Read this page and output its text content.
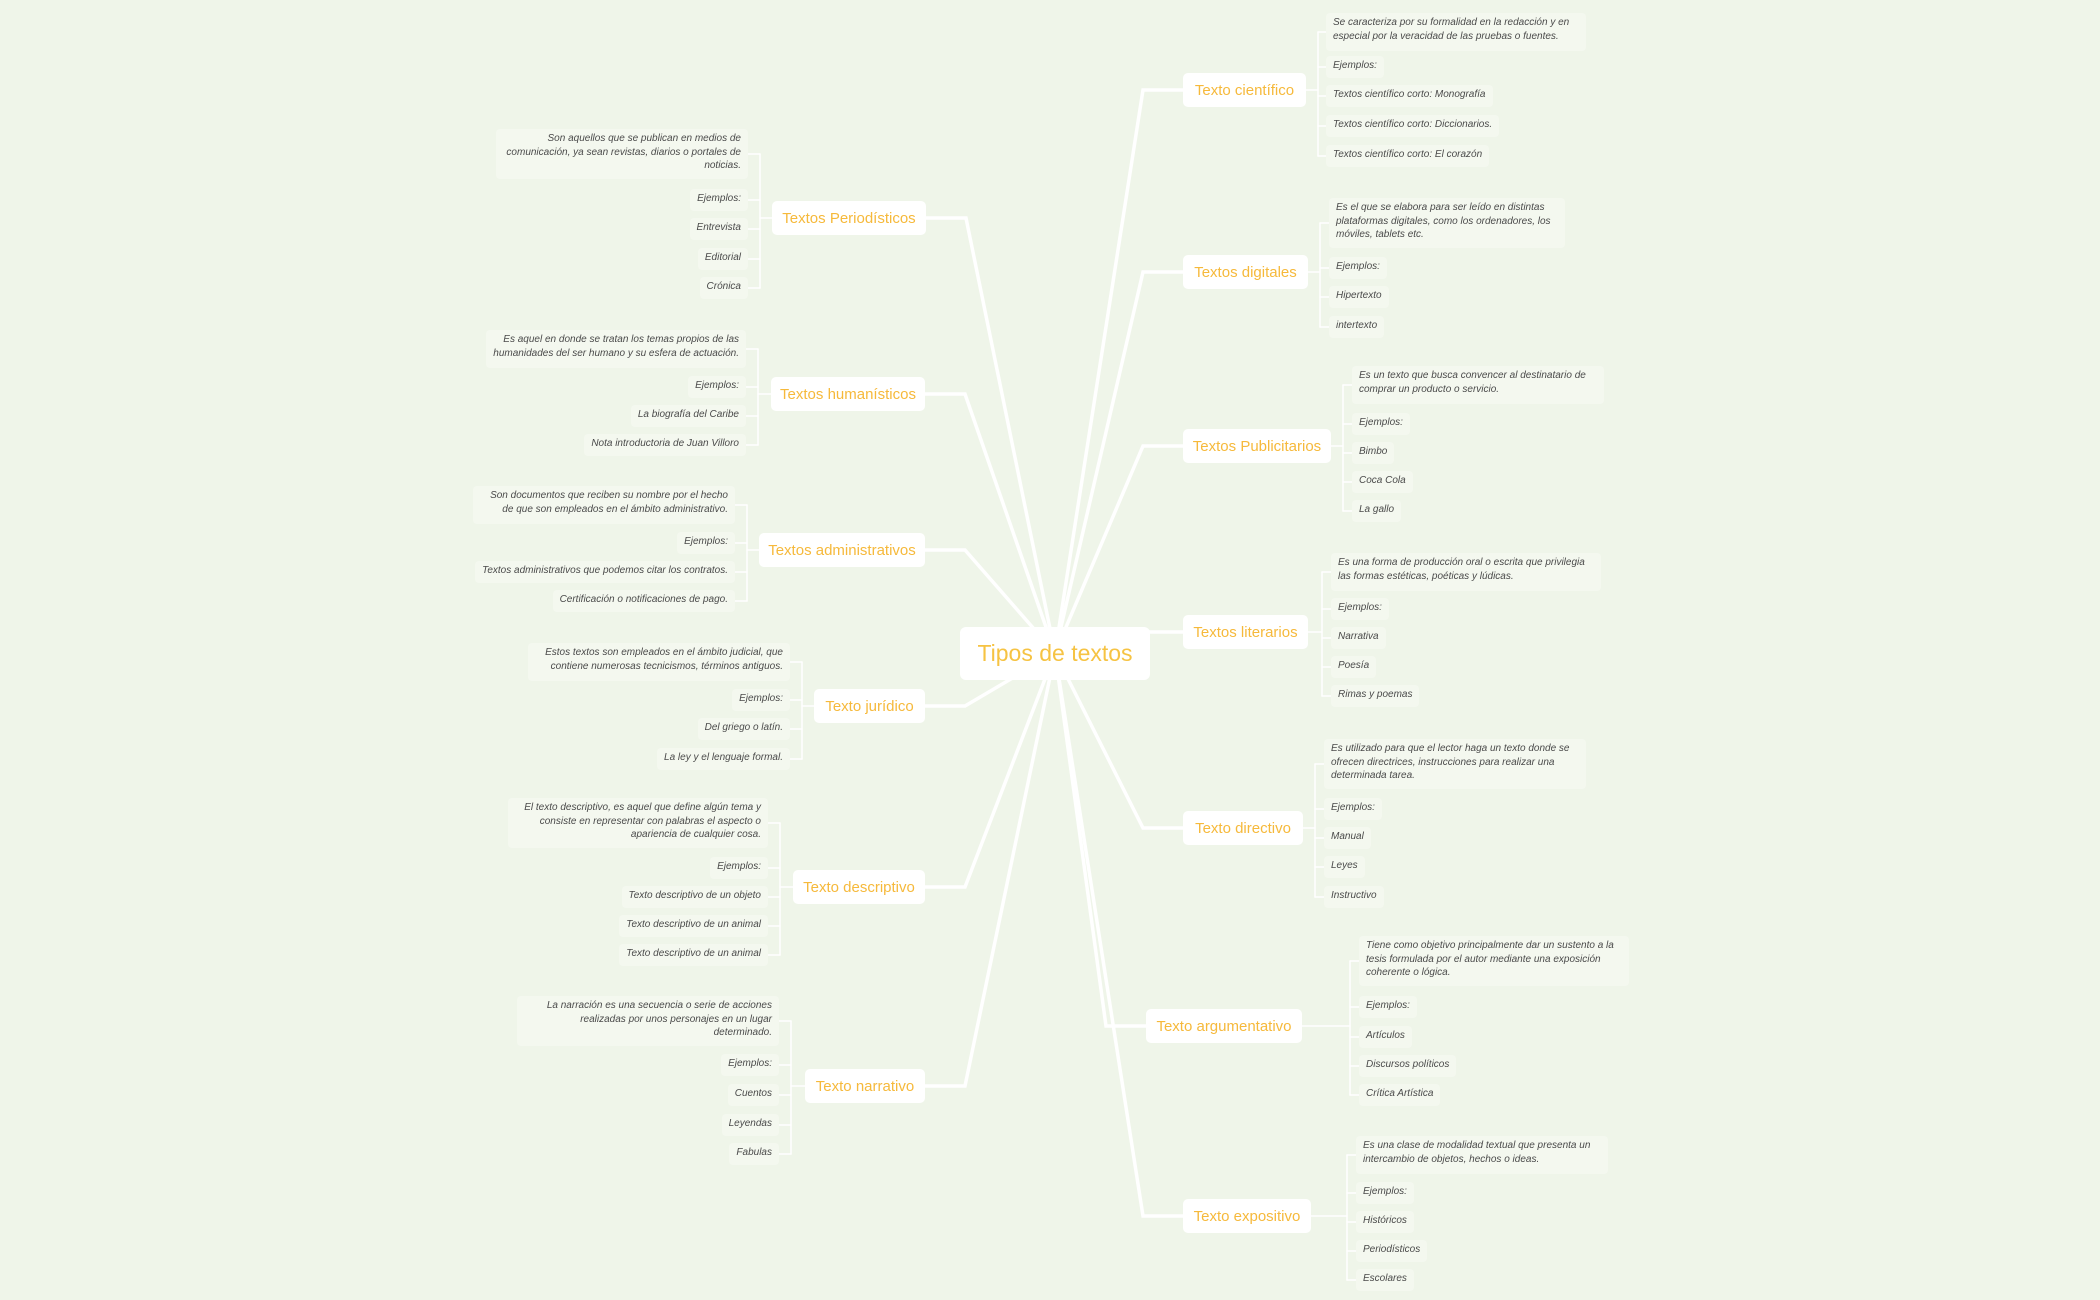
Tipos de textos
Texto científico
Se caracteriza por su formalidad en la redacción y en especial por la veracidad de las pruebas o fuentes.
Ejemplos:
Textos científico corto: Monografía
Textos científico corto: Diccionarios.
Textos científico corto: El corazón
Textos digitales
Es el que se elabora para ser leído en distintas plataformas digitales, como los ordenadores, los móviles, tablets etc.
Ejemplos:
Hipertexto
intertexto
Textos Publicitarios
Es un texto que busca convencer al destinatario de comprar un producto o servicio.
Ejemplos:
Bimbo
Coca Cola
La gallo
Textos literarios
Es una forma de producción oral o escrita que privilegia las formas estéticas, poéticas y lúdicas.
Ejemplos:
Narrativa
Poesía
Rimas y poemas
Texto directivo
Es utilizado para que el lector haga un texto donde se ofrecen directrices, instrucciones para realizar una determinada tarea.
Ejemplos:
Manual
Leyes
Instructivo
Texto argumentativo
Tiene como objetivo principalmente dar un sustento a la tesis formulada por el autor mediante una exposición coherente o lógica.
Ejemplos:
Artículos
Discursos políticos
Crítica Artística
Texto expositivo
Es una clase de modalidad textual que presenta un intercambio de objetos, hechos o ideas.
Ejemplos:
Históricos
Periodísticos
Escolares
Textos Periodísticos
Son aquellos que se publican en medios de comunicación, ya sean revistas, diarios o portales de noticias.
Ejemplos:
Entrevista
Editorial
Crónica
Textos humanísticos
Es aquel en donde se tratan los temas propios de las humanidades del ser humano y su esfera de actuación.
Ejemplos:
La biografía del Caribe
Nota introductoria de Juan Villoro
Textos administrativos
Son documentos que reciben su nombre por el hecho de que son empleados en el ámbito administrativo.
Ejemplos:
Textos administrativos que podemos citar los contratos.
Certificación o notificaciones de pago.
Texto jurídico
Estos textos son empleados en el ámbito judicial, que contiene numerosas tecnicismos, términos antiguos.
Ejemplos:
Del griego o latín.
La ley y el lenguaje formal.
Texto descriptivo
El texto descriptivo, es aquel que define algún tema y consiste en representar con palabras el aspecto o apariencia de cualquier cosa.
Ejemplos:
Texto descriptivo de un objeto
Texto descriptivo de un animal
Texto descriptivo de un animal
Texto narrativo
La narración es una secuencia o serie de acciones realizadas por unos personajes en un lugar determinado.
Ejemplos:
Cuentos
Leyendas
Fabulas
